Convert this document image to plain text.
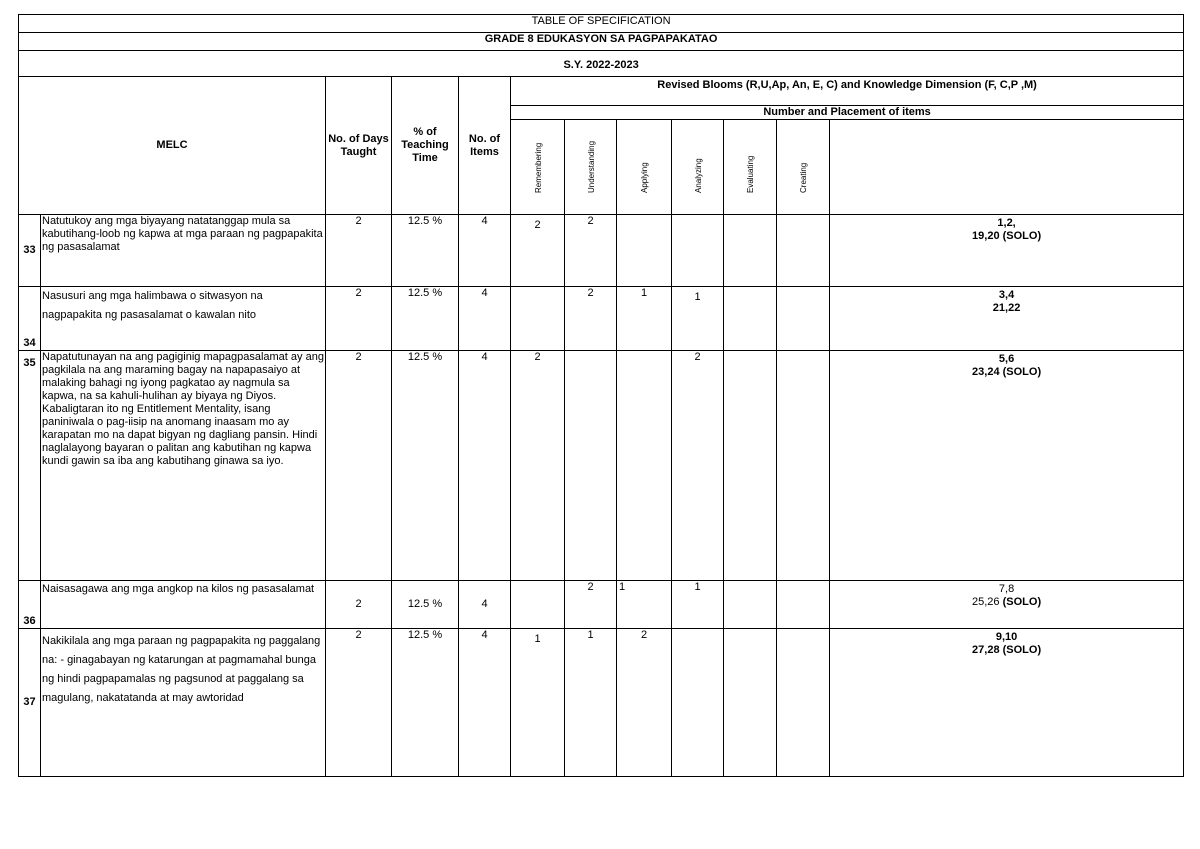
TABLE OF SPECIFICATION											
GRADE 8 EDUKASYON SA PAGPAPAKATAO											

S.Y. 2022-2023											
MELC		No. of Days Taught	% of Teaching Time	No. of Items	Revised Blooms (R,U,Ap, An, E, C) and Knowledge Dimension (F, C,P ,M)						
					Number and Placement of items						

					Remembering	Understanding	Applying	Analyzing	Evaluating	Creating	

33	Natutukoy ang mga biyayang natatanggap mula sa kabutihang-loob ng kapwa at mga paraan ng pagpapakita ng pasasalamat	2	12.5 %	4	2	2					1,2,
19,20 (SOLO)

34	Nasusuri ang mga halimbawa o sitwasyon na nagpapakita ng pasasalamat o kawalan nito	2	12.5 %	4		2	1	1			3,4
21,22

35	Napatutunayan na ang pagiginig mapagpasalamat ay ang pagkilala na ang maraming bagay na napapasaiyo at malaking bahagi ng iyong pagkatao ay nagmula sa kapwa, na sa kahuli-hulihan ay biyaya ng Diyos. Kabaligtaran ito ng Entitlement Mentality, isang paniniwala o pag-iisip na anomang inaasam mo ay karapatan mo na dapat bigyan ng dagliang pansin. Hindi naglalayong bayaran o palitan ang kabutihan ng kapwa kundi gawin sa iba ang kabutihang ginawa sa iyo.	2	12.5 %	4	2			2			5,6
23,24 (SOLO)

36	Naisasagawa ang mga angkop na kilos ng pasasalamat	2	12.5 %	4		2	1	1			7,8
25,26 (SOLO)

37	Nakikilala ang mga paraan ng pagpapakita ng paggalang na: - ginagabayan ng katarungan at pagmamahal bunga ng hindi pagpapamalas ng pagsunod at paggalang sa magulang, nakatatanda at may awtoridad	2	12.5 %	4	1	1	2				9,10
27,28 (SOLO)
